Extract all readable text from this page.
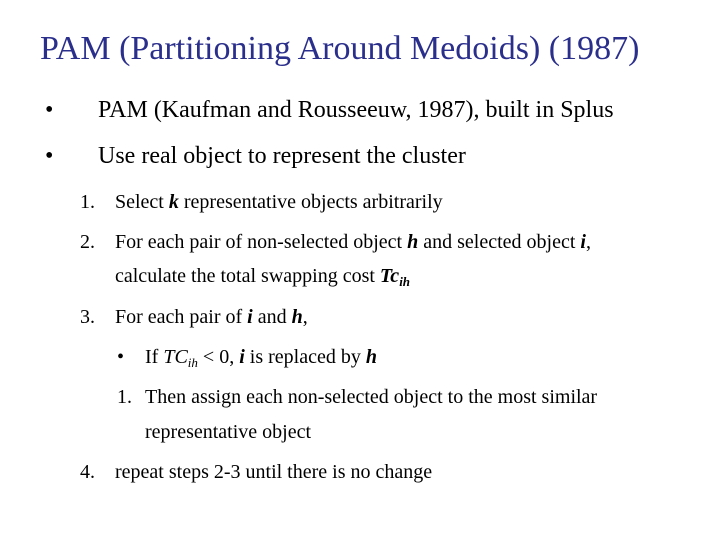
PAM (Partitioning Around Medoids) (1987)
• PAM (Kaufman and Rousseeuw, 1987), built in Splus
• Use real object to represent the cluster
1. Select k representative objects arbitrarily
2. For each pair of non-selected object h and selected object i,
calculate the total swapping cost $Tc_{ih}$
3. For each pair of i and h,
• If $TC_{ih} < 0$, i is replaced by h
1. Then assign each non-selected object to the most similar
representative object
4. repeat steps 2-3 until there is no change
